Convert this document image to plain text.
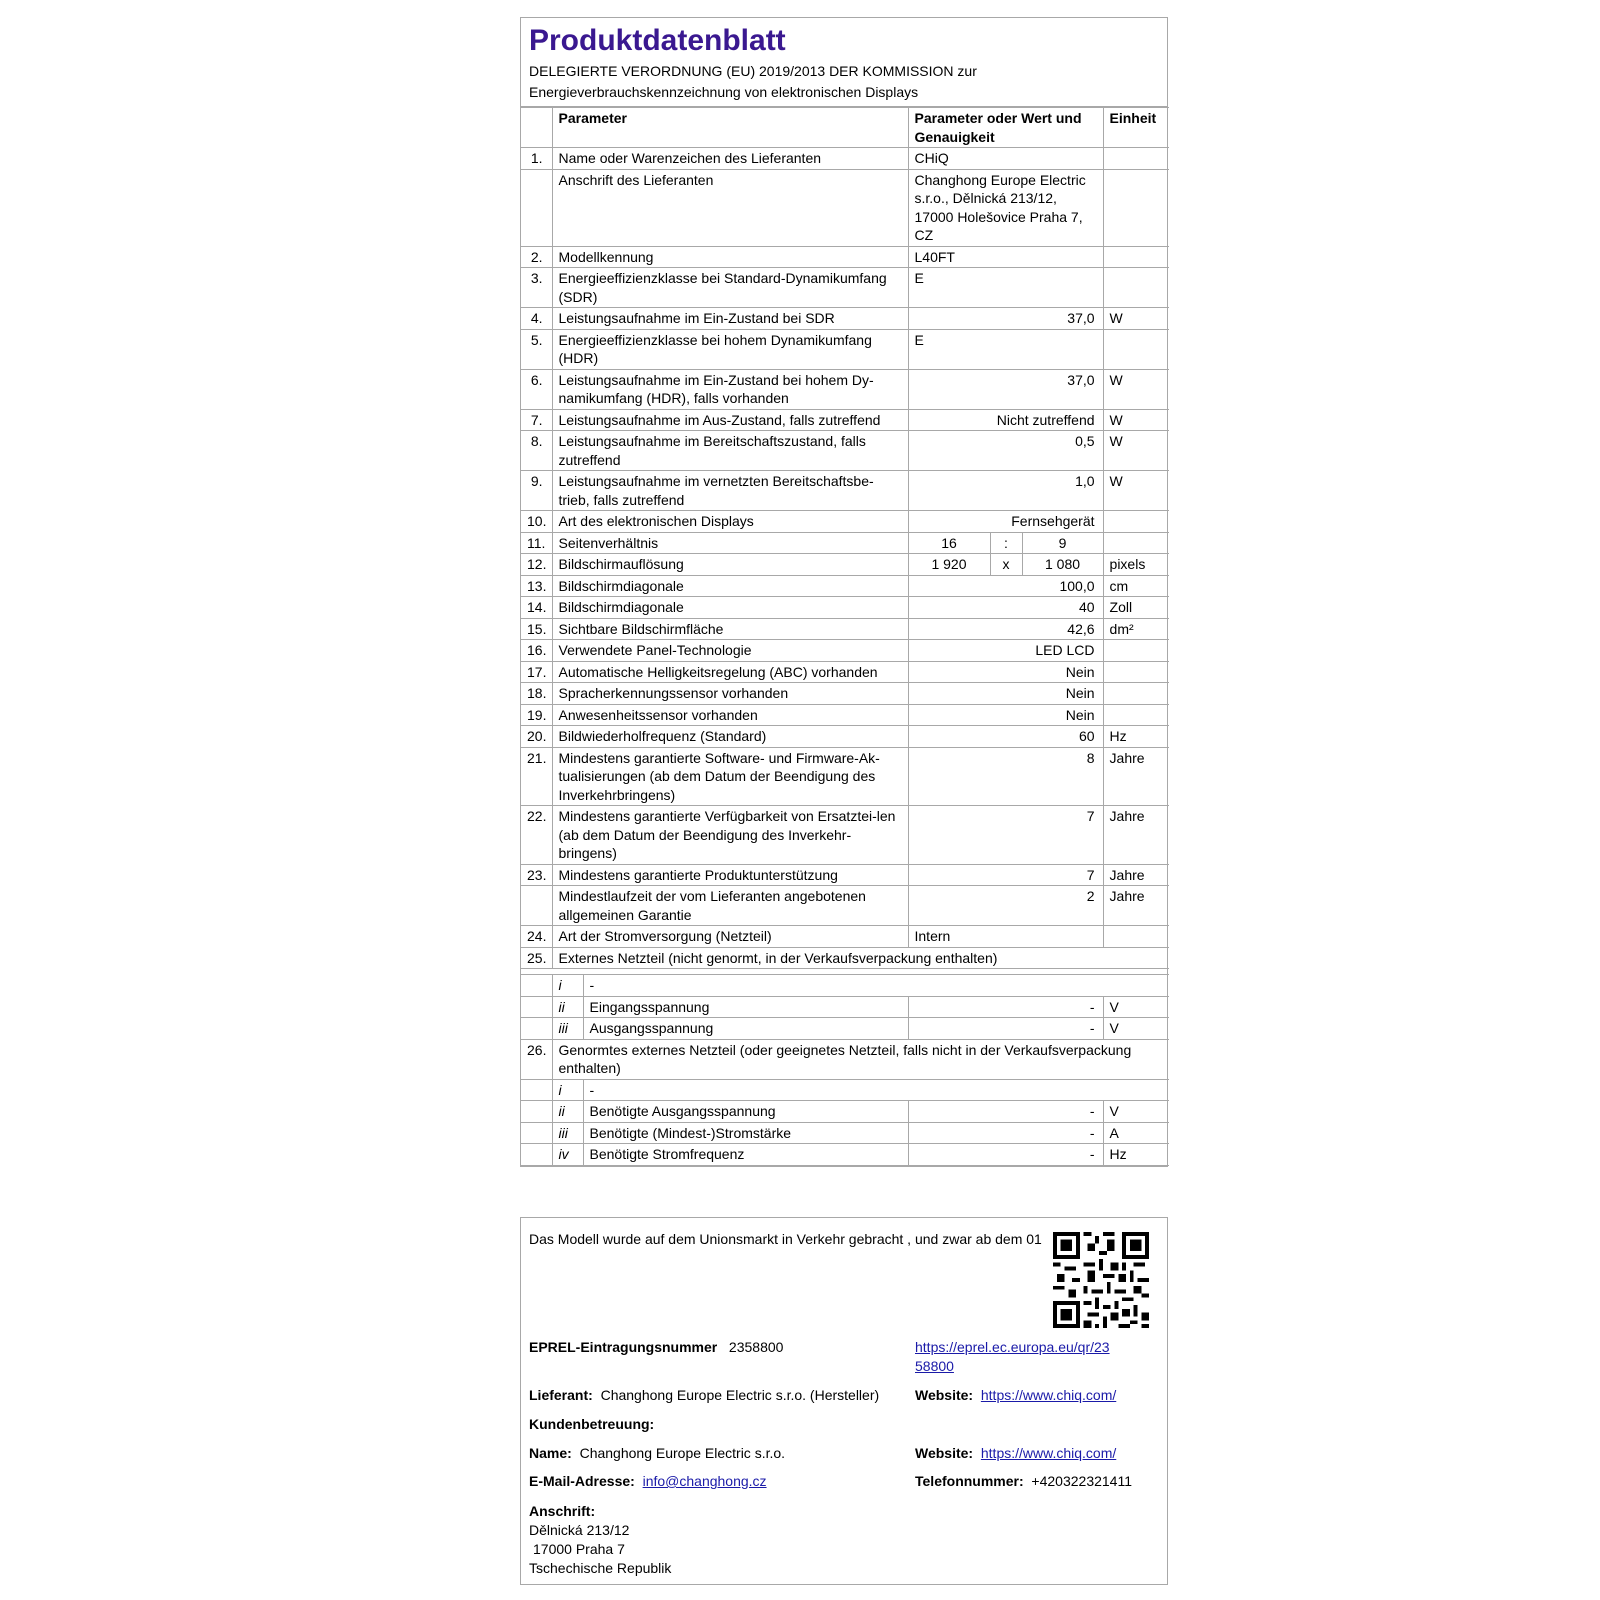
Produktdatenblatt
DELEGIERTE VERORDNUNG (EU) 2019/2013 DER KOMMISSION zur
Energieverbrauchskennzeichnung von elektronischen Displays
	Parameter		Parameter oder Wert und Genauigkeit			Einheit
1.	Name oder Warenzeichen des Lieferanten		CHiQ			
	Anschrift des Lieferanten		Changhong Europe Electric s.r.o., Dělnická 213/12, 17000 Holešovice Praha 7, CZ			
2.	Modellkennung		L40FT			
3.	Energieeffizienzklasse bei Standard-Dynamikumfang (SDR)		E			
4.	Leistungsaufnahme im Ein-Zustand bei SDR		37,0			W
5.	Energieeffizienzklasse bei hohem Dynamikumfang (HDR)		E			
6.	Leistungsaufnahme im Ein-Zustand bei hohem Dy-namikumfang (HDR), falls vorhanden		37,0			W
7.	Leistungsaufnahme im Aus-Zustand, falls zutreffend		Nicht zutreffend			W
8.	Leistungsaufnahme im Bereitschaftszustand, falls zutreffend		0,5			W
9.	Leistungsaufnahme im vernetzten Bereitschaftsbe-trieb, falls zutreffend		1,0			W
10.	Art des elektronischen Displays		Fernsehgerät			
11.	Seitenverhältnis		16	:	9	
12.	Bildschirmauflösung		1 920	x	1 080	pixels
13.	Bildschirmdiagonale		100,0			cm
14.	Bildschirmdiagonale		40			Zoll
15.	Sichtbare Bildschirmfläche		42,6			dm²
16.	Verwendete Panel-Technologie		LED LCD			
17.	Automatische Helligkeitsregelung (ABC) vorhanden		Nein			
18.	Spracherkennungssensor vorhanden		Nein			
19.	Anwesenheitssensor vorhanden		Nein			
20.	Bildwiederholfrequenz (Standard)		60			Hz
21.	Mindestens garantierte Software- und Firmware-Ak-tualisierungen (ab dem Datum der Beendigung des Inverkehrbringens)		8			Jahre
22.	Mindestens garantierte Verfügbarkeit von Ersatztei-len (ab dem Datum der Beendigung des Inverkehr-bringens)		7			Jahre
23.	Mindestens garantierte Produktunterstützung		7			Jahre
	Mindestlaufzeit der vom Lieferanten angebotenen allgemeinen Garantie		2			Jahre
24.	Art der Stromversorgung (Netzteil)		Intern			
25.	Externes Netzteil (nicht genormt, in der Verkaufsverpackung enthalten)					

	i	-				
	ii	Eingangsspannung	-			V
	iii	Ausgangsspannung	-			V
26.	Genormtes externes Netzteil (oder geeignetes Netzteil, falls nicht in der Verkaufsverpackung enthalten)					
	i	-				
	ii	Benötigte Ausgangsspannung	-			V
	iii	Benötigte (Mindest-)Stromstärke	-			A
	iv	Benötigte Stromfrequenz	-			Hz
Das Modell wurde auf dem Unionsmarkt in Verkehr gebracht , und zwar ab dem 01
EPREL-Eintragungsnummer 2358800	https://eprel.ec.europa.eu/qr/23
58800
Lieferant: Changhong Europe Electric s.r.o. (Hersteller)	Website: https://www.chiq.com/
Kundenbetreuung:
Name: Changhong Europe Electric s.r.o.	Website: https://www.chiq.com/
E-Mail-Adresse: info@changhong.cz	Telefonnummer: +420322321411
Anschrift:
Dělnická 213/12
17000 Praha 7
Tschechische Republik
